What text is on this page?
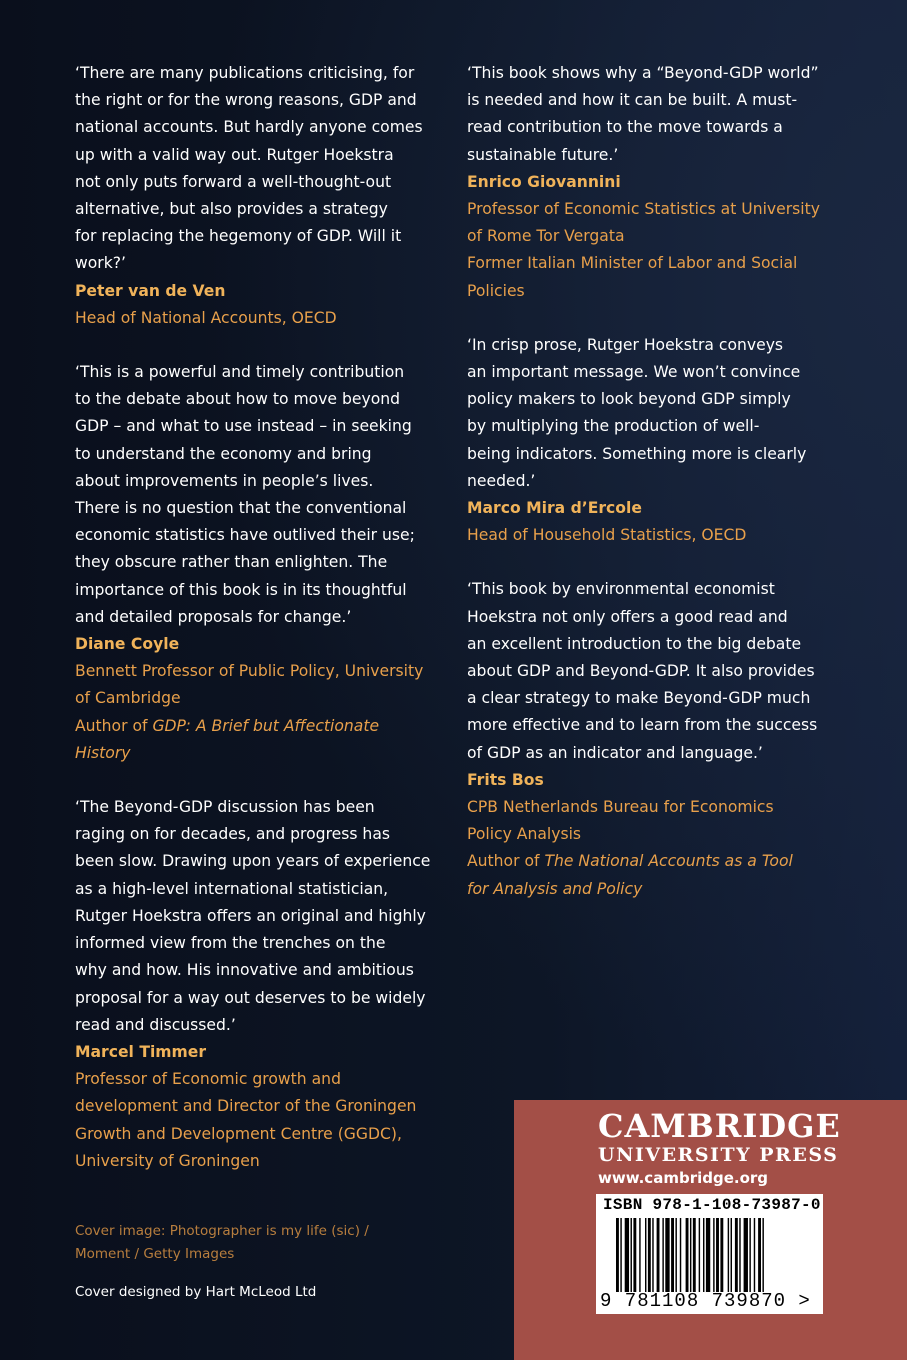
‘There are many publications criticising, for
the right or for the wrong reasons, GDP and
national accounts. But hardly anyone comes
up with a valid way out. Rutger Hoekstra
not only puts forward a well-thought-out
alternative, but also provides a strategy
for replacing the hegemony of GDP. Will it
work?’

Peter van de Ven

Head of National Accounts, OECD

‘This is a powerful and timely contribution
to the debate about how to move beyond
GDP – and what to use instead – in seeking
to understand the economy and bring
about improvements in people’s lives.
There is no question that the conventional
economic statistics have outlived their use;
they obscure rather than enlighten. The
importance of this book is in its thoughtful
and detailed proposals for change.’

Diane Coyle

Bennett Professor of Public Policy, University
of Cambridge

Author of GDP: A Brief but Affectionate
History

‘The Beyond-GDP discussion has been
raging on for decades, and progress has
been slow. Drawing upon years of experience
as a high-level international statistician,
Rutger Hoekstra offers an original and highly
informed view from the trenches on the
why and how. His innovative and ambitious
proposal for a way out deserves to be widely
read and discussed.’

Marcel Timmer

Professor of Economic growth and
development and Director of the Groningen
Growth and Development Centre (GGDC),
University of Groningen

‘This book shows why a “Beyond-GDP world”
is needed and how it can be built. A must-
read contribution to the move towards a
sustainable future.’

Enrico Giovannini

Professor of Economic Statistics at University
of Rome Tor Vergata
Former Italian Minister of Labor and Social
Policies

‘In crisp prose, Rutger Hoekstra conveys
an important message. We won’t convince
policy makers to look beyond GDP simply
by multiplying the production of well-
being indicators. Something more is clearly
needed.’

Marco Mira d’Ercole

Head of Household Statistics, OECD

‘This book by environmental economist
Hoekstra not only offers a good read and
an excellent introduction to the big debate
about GDP and Beyond-GDP. It also provides
a clear strategy to make Beyond-GDP much
more effective and to learn from the success
of GDP as an indicator and language.’

Frits Bos

CPB Netherlands Bureau for Economics
Policy Analysis

Author of The National Accounts as a Tool
for Analysis and Policy

Cover image: Photographer is my life (sic) /
Moment / Getty Images

Cover designed by Hart McLeod Ltd

CAMBRIDGE

UNIVERSITY PRESS

www.cambridge.org

ISBN 978-1-108-73987-0

9 781108 739870 >
